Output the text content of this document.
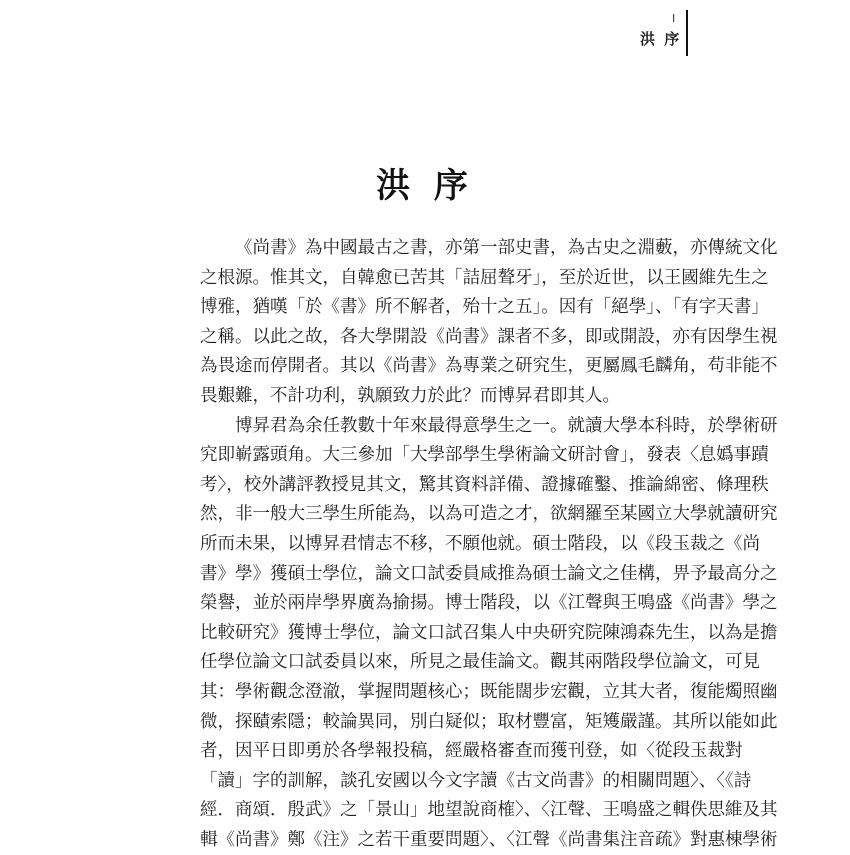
I
洪 序
洪 序
《尚書》為中國最古之書，亦第一部史書，為古史之淵藪，亦傳統文化
之根源。惟其文，自韓愈已苦其「詰屈聱牙」，至於近世，以王國維先生之
博雅，猶嘆「於《書》所不解者，殆十之五」。因有「絕學」、「有字天書」
之稱。以此之故，各大學開設《尚書》課者不多，即或開設，亦有因學生視
為畏途而停開者。其以《尚書》為專業之研究生，更屬鳳毛麟角，苟非能不
畏艱難，不計功利，孰願致力於此？而博昇君即其人。
博昇君為余任教數十年來最得意學生之一。就讀大學本科時，於學術研
究即嶄露頭角。大三參加「大學部學生學術論文研討會」，發表〈息嬀事蹟
考〉，校外講評教授見其文，驚其資料詳備、證據確鑿、推論綿密、條理秩
然，非一般大三學生所能為，以為可造之才，欲網羅至某國立大學就讀研究
所而未果，以博昇君情志不移，不願他就。碩士階段，以《段玉裁之《尚
書》學》獲碩士學位，論文口試委員咸推為碩士論文之佳構，畀予最高分之
榮譽，並於兩岸學界廣為揄揚。博士階段，以《江聲與王鳴盛《尚書》學之
比較研究》獲博士學位，論文口試召集人中央研究院陳鴻森先生，以為是擔
任學位論文口試委員以來，所見之最佳論文。觀其兩階段學位論文，可見
其：學術觀念澄澈，掌握問題核心；既能闊步宏觀，立其大者，復能燭照幽
微，探賾索隱；較論異同，別白疑似；取材豐富，矩矱嚴謹。其所以能如此
者，因平日即勇於各學報投稿，經嚴格審查而獲刊登，如〈從段玉裁對
「讀」字的訓解，談孔安國以今文字讀《古文尚書》的相關問題〉、〈《詩
經．商頌．殷武》之「景山」地望說商榷〉、〈江聲、王鳴盛之輯佚思維及其
輯《尚書》鄭《注》之若干重要問題〉、〈江聲《尚書集注音疏》對惠棟學術
